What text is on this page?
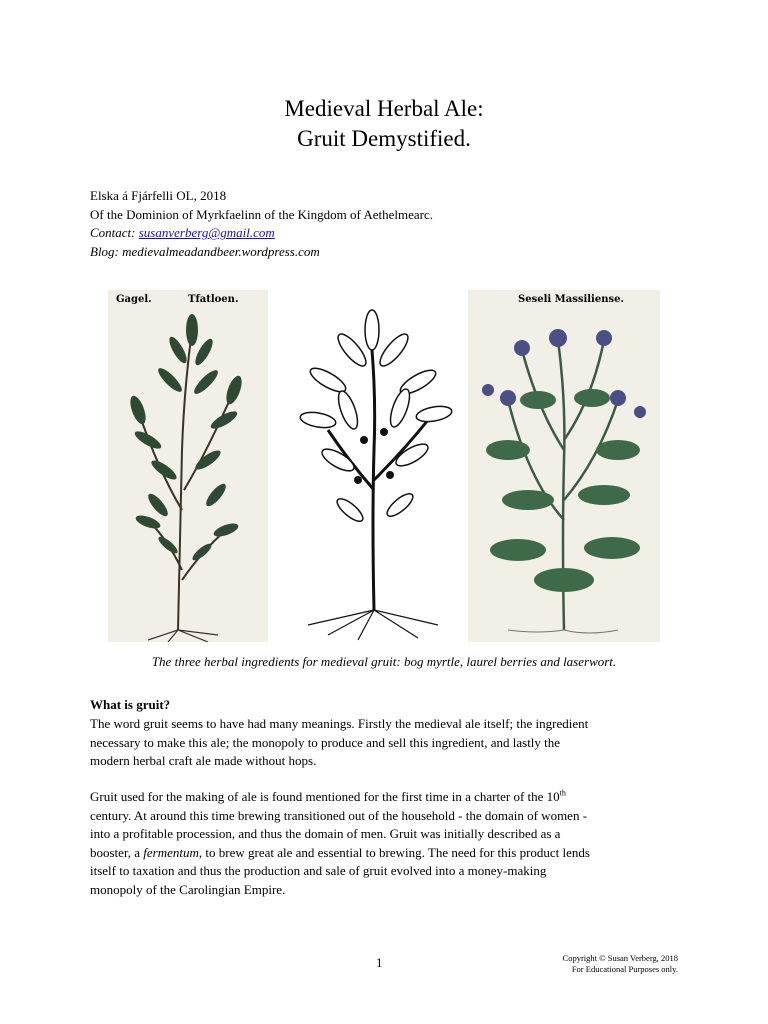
Medieval Herbal Ale:
Gruit Demystified.
Elska á Fjárfelli OL, 2018
Of the Dominion of Myrkfaelinn of the Kingdom of Aethelmearc.
Contact: susanverberg@gmail.com
Blog: medievalmeadandbeer.wordpress.com
Gagel.	Tfatloen.	Seseli Massiliense.
The three herbal ingredients for medieval gruit: bog myrtle, laurel berries and laserwort.
What is gruit?
The word gruit seems to have had many meanings. Firstly the medieval ale itself; the ingredient
necessary to make this ale; the monopoly to produce and sell this ingredient, and lastly the
modern herbal craft ale made without hops.
Gruit used for the making of ale is found mentioned for the first time in a charter of the 10th
century. At around this time brewing transitioned out of the household - the domain of women -
into a profitable procession, and thus the domain of men. Gruit was initially described as a
booster, a fermentum, to brew great ale and essential to brewing. The need for this product lends
itself to taxation and thus the production and sale of gruit evolved into a money-making
monopoly of the Carolingian Empire.
1	Copyright © Susan Verberg, 2018
For Educational Purposes only.
